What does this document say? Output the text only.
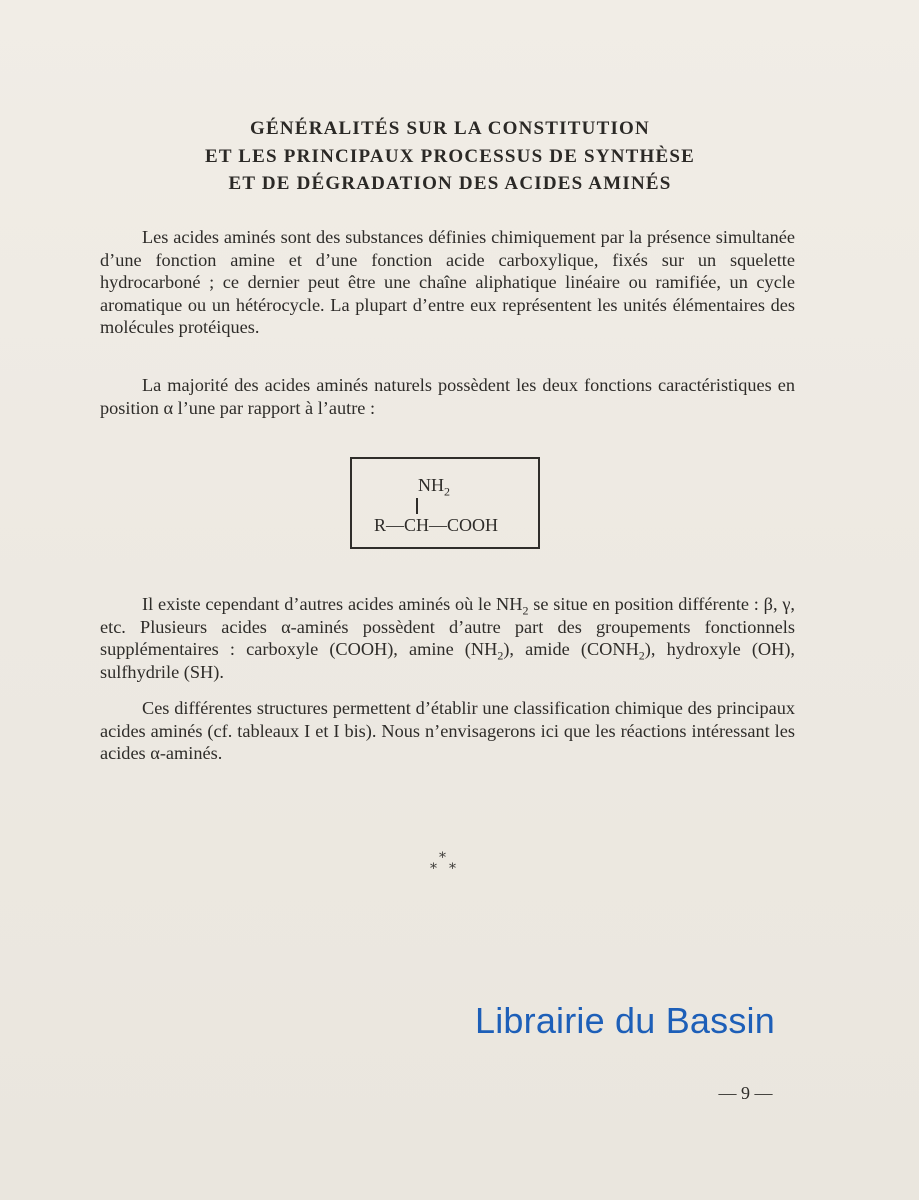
GÉNÉRALITÉS SUR LA CONSTITUTION
ET LES PRINCIPAUX PROCESSUS DE SYNTHÈSE
ET DE DÉGRADATION DES ACIDES AMINÉS

Les acides aminés sont des substances définies chimiquement par la présence simultanée d’une fonction amine et d’une fonction acide carboxylique, fixés sur un squelette hydrocarboné ; ce dernier peut être une chaîne aliphatique linéaire ou ramifiée, un cycle aromatique ou un hétérocycle. La plupart d’entre eux représentent les unités élémentaires des molécules protéiques.

La majorité des acides aminés naturels possèdent les deux fonctions caractéristiques en position α l’une par rapport à l’autre :

$NH_2$
R—CH—COOH

Il existe cependant d’autres acides aminés où le $NH_2$ se situe en position différente : β, γ, etc. Plusieurs acides α-aminés possèdent d’autre part des groupements fonctionnels supplémentaires : carboxyle (COOH), amine $(NH_2)$, amide $(CONH_2)$, hydroxyle (OH), sulfhydrile (SH).

Ces différentes structures permettent d’établir une classification chimique des principaux acides aminés (cf. tableaux I et I bis). Nous n’envisagerons ici que les réactions intéressant les acides α-aminés.

*
* *
Librairie du Bassin
— 9 —
